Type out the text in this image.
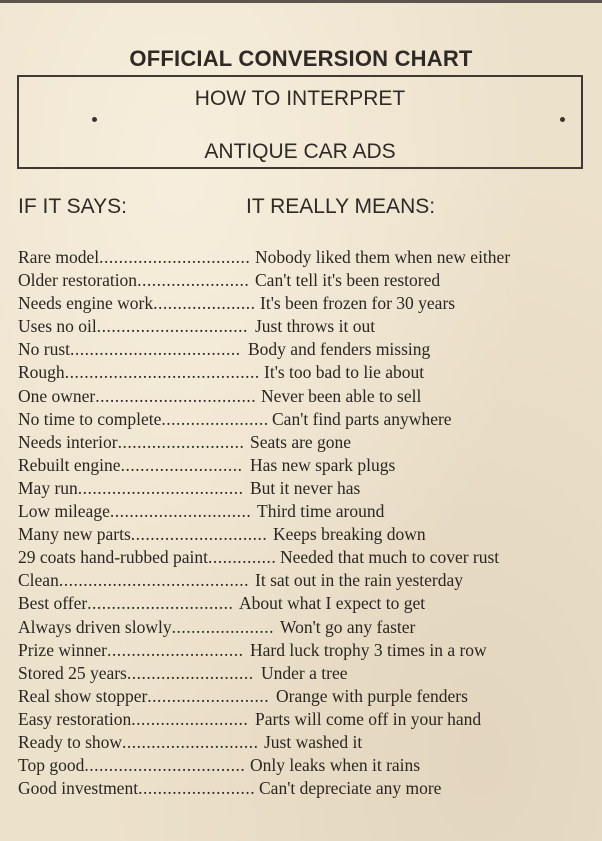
OFFICIAL CONVERSION CHART
HOW TO INTERPRET
ANTIQUE CAR ADS
IF IT SAYS:	IT REALLY MEANS:
Rare model............................... Nobody liked them when new either
Older restoration....................... Can't tell it's been restored
Needs engine work..................... It's been frozen for 30 years
Uses no oil............................... Just throws it out
No rust................................... Body and fenders missing
Rough........................................ It's too bad to lie about
One owner................................. Never been able to sell
No time to complete...................... Can't find parts anywhere
Needs interior.......................... Seats are gone
Rebuilt engine......................... Has new spark plugs
May run.................................. But it never has
Low mileage............................. Third time around
Many new parts............................ Keeps breaking down
29 coats hand-rubbed paint.............. Needed that much to cover rust
Clean....................................... It sat out in the rain yesterday
Best offer.............................. About what I expect to get
Always driven slowly..................... Won't go any faster
Prize winner............................ Hard luck trophy 3 times in a row
Stored 25 years.......................... Under a tree
Real show stopper......................... Orange with purple fenders
Easy restoration........................ Parts will come off in your hand
Ready to show............................ Just washed it
Top good................................. Only leaks when it rains
Good investment........................ Can't depreciate any more
